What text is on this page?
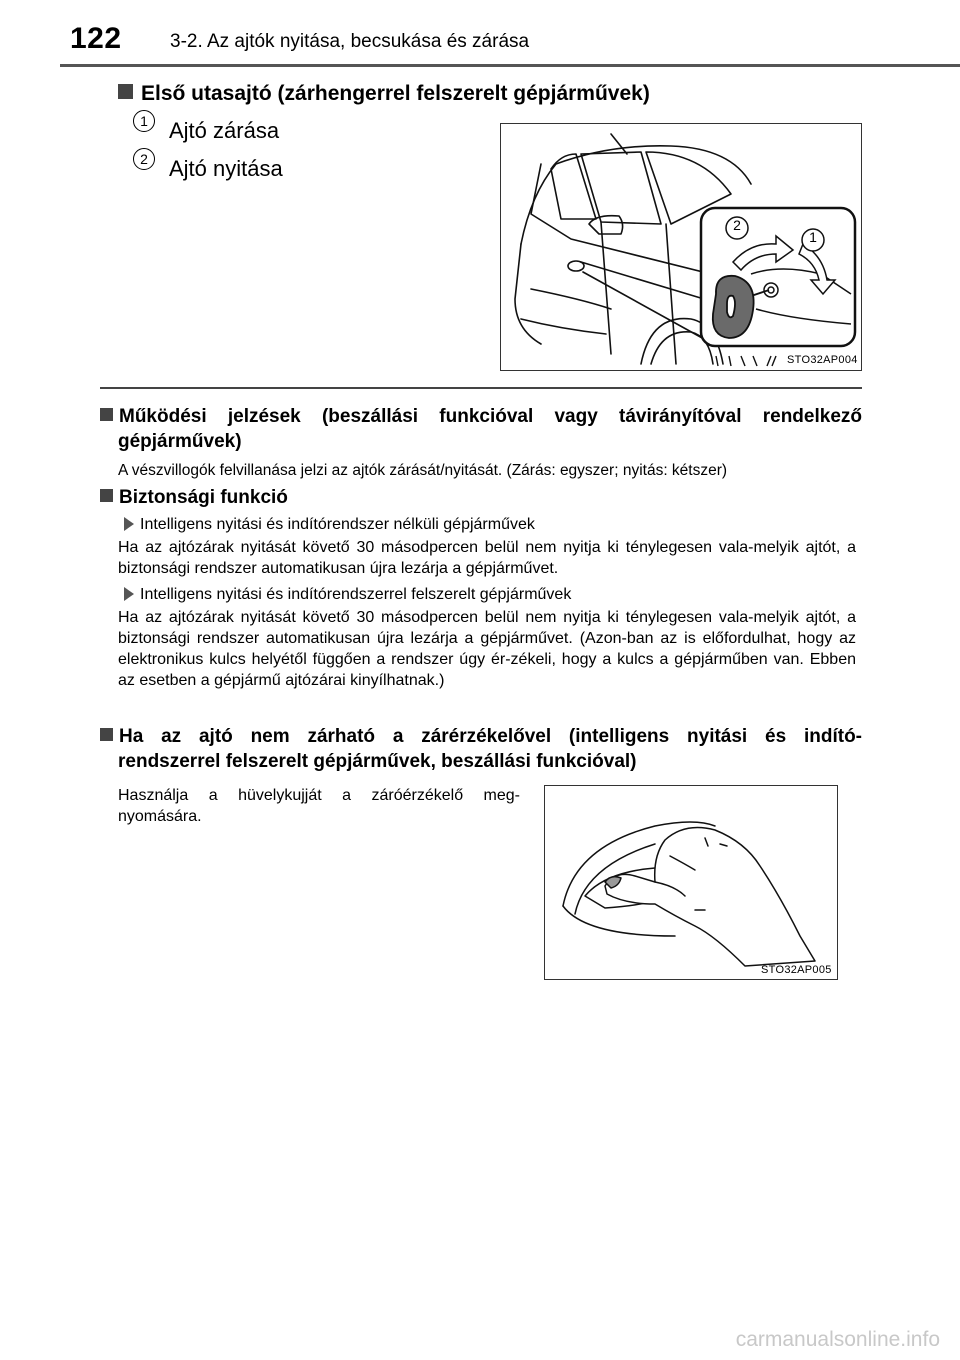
122	3-2. Az ajtók nyitása, becsukása és zárása
Első utasajtó (zárhengerrel felszerelt gépjárművek)
1 Ajtó zárása
2 Ajtó nyitása
2
1
STO32AP004
Működési jelzések (beszállási funkcióval vagy távirányítóval rendelkező
gépjárművek)
A vészvillogók felvillanása jelzi az ajtók zárását/nyitását. (Zárás: egyszer; nyitás: kétszer)
Biztonsági funkció
Intelligens nyitási és indítórendszer nélküli gépjárművek
Ha az ajtózárak nyitását követő 30 másodpercen belül nem nyitja ki ténylegesen vala-melyik ajtót, a biztonsági rendszer automatikusan újra lezárja a gépjárművet.
Intelligens nyitási és indítórendszerrel felszerelt gépjárművek
Ha az ajtózárak nyitását követő 30 másodpercen belül nem nyitja ki ténylegesen vala-melyik ajtót, a biztonsági rendszer automatikusan újra lezárja a gépjárművet. (Azon-ban az is előfordulhat, hogy az elektronikus kulcs helyétől függően a rendszer úgy ér-zékeli, hogy a kulcs a gépjárműben van. Ebben az esetben a gépjármű ajtózárai kinyílhatnak.)
Ha az ajtó nem zárható a zárérzékelővel (intelligens nyitási és indító-
rendszerrel felszerelt gépjárművek, beszállási funkcióval)
Használja a hüvelykujját a záróérzékelő meg-nyomására.
STO32AP005
carmanualsonline.info
